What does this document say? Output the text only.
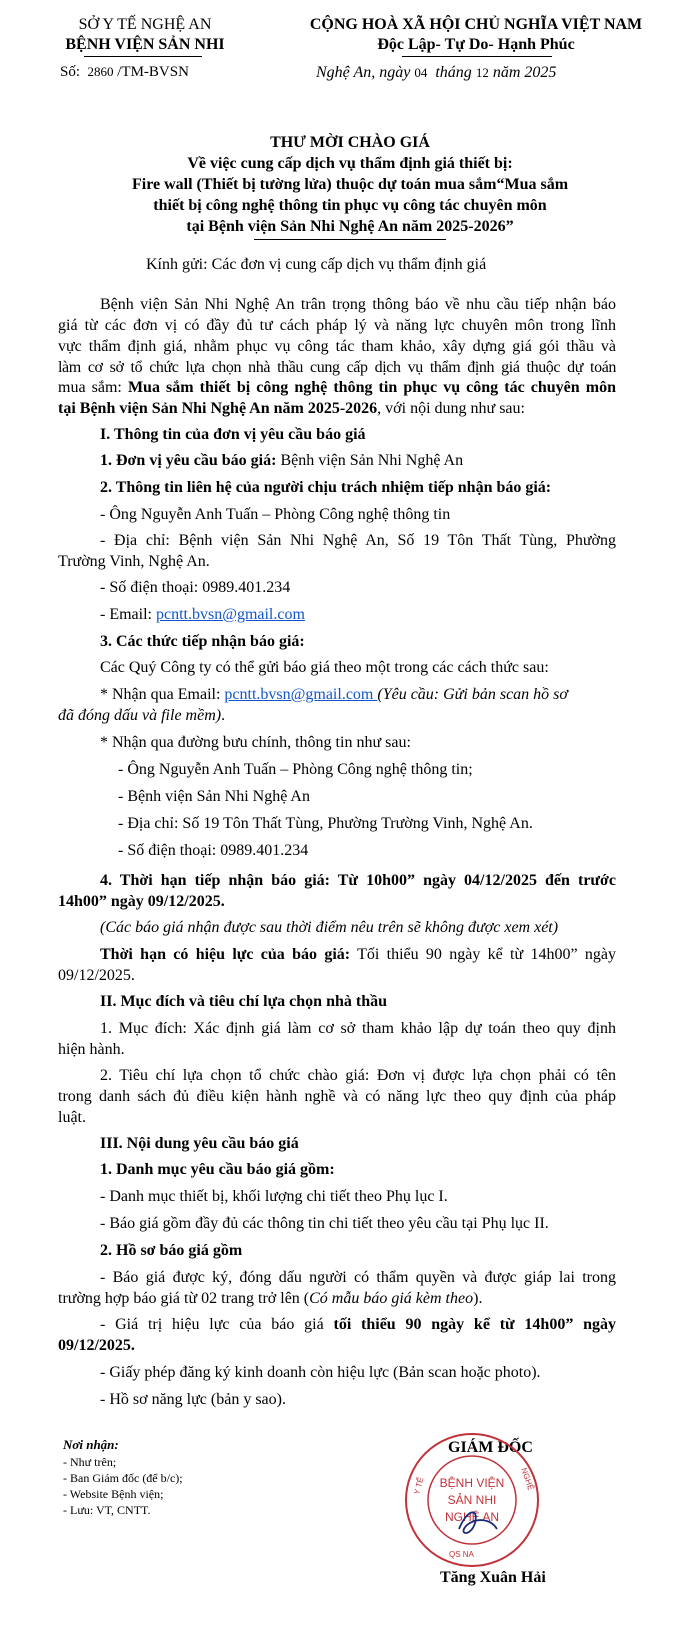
SỞ Y TẾ NGHỆ AN
BỆNH VIỆN SẢN NHI
Số: 2860 /TM-BVSN
CỘNG HOÀ XÃ HỘI CHỦ NGHĨA VIỆT NAM
Độc Lập- Tự Do- Hạnh Phúc
Nghệ An, ngày 04 tháng 12 năm 2025
THƯ MỜI CHÀO GIÁ
Về việc cung cấp dịch vụ thẩm định giá thiết bị:
Fire wall (Thiết bị tường lửa) thuộc dự toán mua sắm“Mua sắm
thiết bị công nghệ thông tin phục vụ công tác chuyên môn
tại Bệnh viện Sản Nhi Nghệ An năm 2025-2026”
Kính gửi: Các đơn vị cung cấp dịch vụ thẩm định giá
Bệnh viện Sản Nhi Nghệ An trân trọng thông báo về nhu cầu tiếp nhận báo
giá từ các đơn vị có đầy đủ tư cách pháp lý và năng lực chuyên môn trong lĩnh
vực thẩm định giá, nhằm phục vụ công tác tham khảo, xây dựng giá gói thầu và
làm cơ sở tổ chức lựa chọn nhà thầu cung cấp dịch vụ thẩm định giá thuộc dự toán
mua sắm: Mua sắm thiết bị công nghệ thông tin phục vụ công tác chuyên môn
tại Bệnh viện Sản Nhi Nghệ An năm 2025-2026, với nội dung như sau:
I. Thông tin của đơn vị yêu cầu báo giá
1. Đơn vị yêu cầu báo giá: Bệnh viện Sản Nhi Nghệ An
2. Thông tin liên hệ của người chịu trách nhiệm tiếp nhận báo giá:
- Ông Nguyễn Anh Tuấn – Phòng Công nghệ thông tin
- Địa chỉ: Bệnh viện Sản Nhi Nghệ An, Số 19 Tôn Thất Tùng, Phường
Trường Vinh, Nghệ An.
- Số điện thoại: 0989.401.234
- Email: pcntt.bvsn@gmail.com
3. Các thức tiếp nhận báo giá:
Các Quý Công ty có thể gửi báo giá theo một trong các cách thức sau:
* Nhận qua Email: pcntt.bvsn@gmail.com (Yêu cầu: Gửi bản scan hồ sơ
đã đóng dấu và file mềm).
* Nhận qua đường bưu chính, thông tin như sau:
- Ông Nguyễn Anh Tuấn – Phòng Công nghệ thông tin;
- Bệnh viện Sản Nhi Nghệ An
- Địa chỉ: Số 19 Tôn Thất Tùng, Phường Trường Vinh, Nghệ An.
- Số điện thoại: 0989.401.234
4. Thời hạn tiếp nhận báo giá: Từ 10h00” ngày 04/12/2025 đến trước
14h00” ngày 09/12/2025.
(Các báo giá nhận được sau thời điểm nêu trên sẽ không được xem xét)
Thời hạn có hiệu lực của báo giá: Tối thiểu 90 ngày kể từ 14h00” ngày
09/12/2025.
II. Mục đích và tiêu chí lựa chọn nhà thầu
1. Mục đích: Xác định giá làm cơ sở tham khảo lập dự toán theo quy định
hiện hành.
2. Tiêu chí lựa chọn tổ chức chào giá: Đơn vị được lựa chọn phải có tên
trong danh sách đủ điều kiện hành nghề và có năng lực theo quy định của pháp
luật.
III. Nội dung yêu cầu báo giá
1. Danh mục yêu cầu báo giá gồm:
- Danh mục thiết bị, khối lượng chi tiết theo Phụ lục I.
- Báo giá gồm đầy đủ các thông tin chi tiết theo yêu cầu tại Phụ lục II.
2. Hồ sơ báo giá gồm
- Báo giá được ký, đóng dấu người có thẩm quyền và được giáp lai trong
trường hợp báo giá từ 02 trang trở lên (Có mẫu báo giá kèm theo).
- Giá trị hiệu lực của báo giá tối thiểu 90 ngày kể từ 14h00” ngày
09/12/2025.
- Giấy phép đăng ký kinh doanh còn hiệu lực (Bản scan hoặc photo).
- Hồ sơ năng lực (bản y sao).
Nơi nhận:
- Như trên;
- Ban Giám đốc (để b/c);
- Website Bệnh viện;
- Lưu: VT, CNTT.
GIÁM ĐỐC
Y TẾ	NGHỆ
QS NA
BỆNH VIỆN
SẢN NHI
NGHỆ AN
Tăng Xuân Hải
